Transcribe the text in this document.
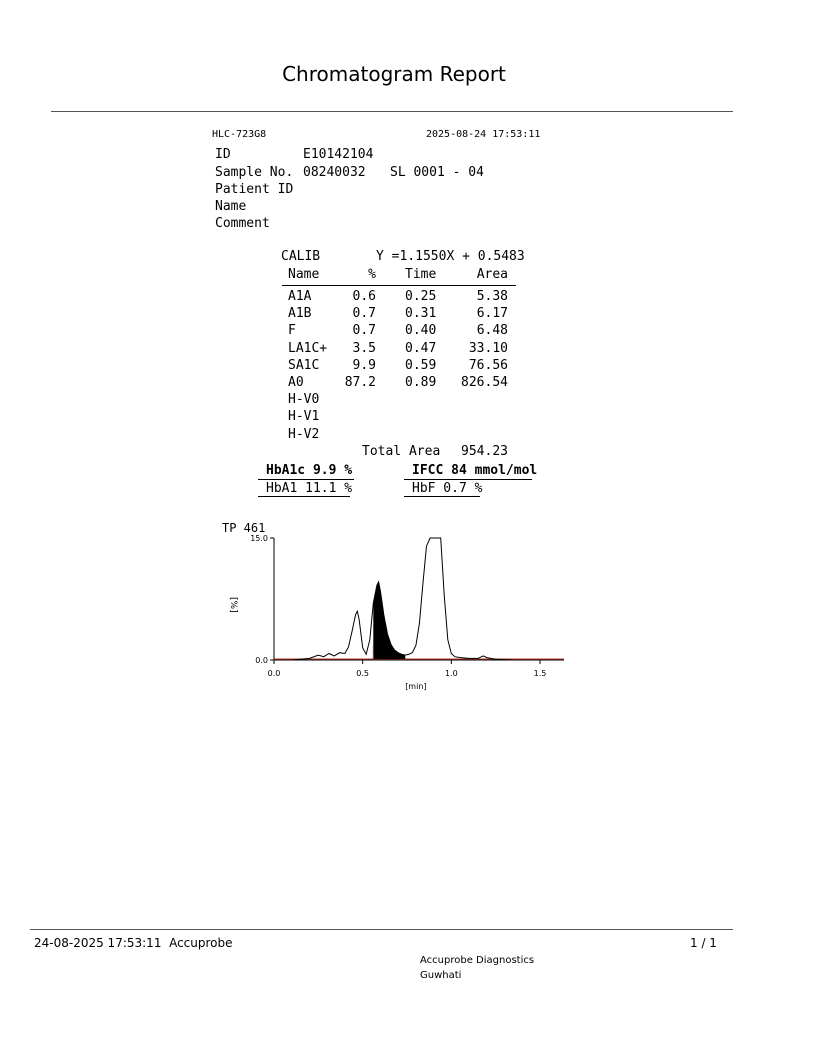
Chromatogram Report
HLC-723G8	2025-08-24 17:53:11
ID	E10142104
Sample No. 08240032 SL 0001 - 04
Patient ID
Name
Comment
CALIB	Y =1.1550X + 0.5483
Name	% Time	Area
A1A	0.6 0.25	5.38
A1B	0.7 0.31	6.17
F	0.7 0.40	6.48
LA1C+	3.5 0.47	33.10
SA1C	9.9 0.59	76.56
A0	87.2 0.89	826.54
H-V0
H-V1
H-V2
Total Area	954.23
HbA1c 9.9 %	IFCC 84 mmol/mol
HbA1 11.1 %	HbF 0.7 %
TP 461
[%]
0.0
15.0
0.0	0.5	1.0	1.5
[min]
24-08-2025 17:53:11  Accuprobe	1 / 1
Accuprobe Diagnostics
Guwhati
